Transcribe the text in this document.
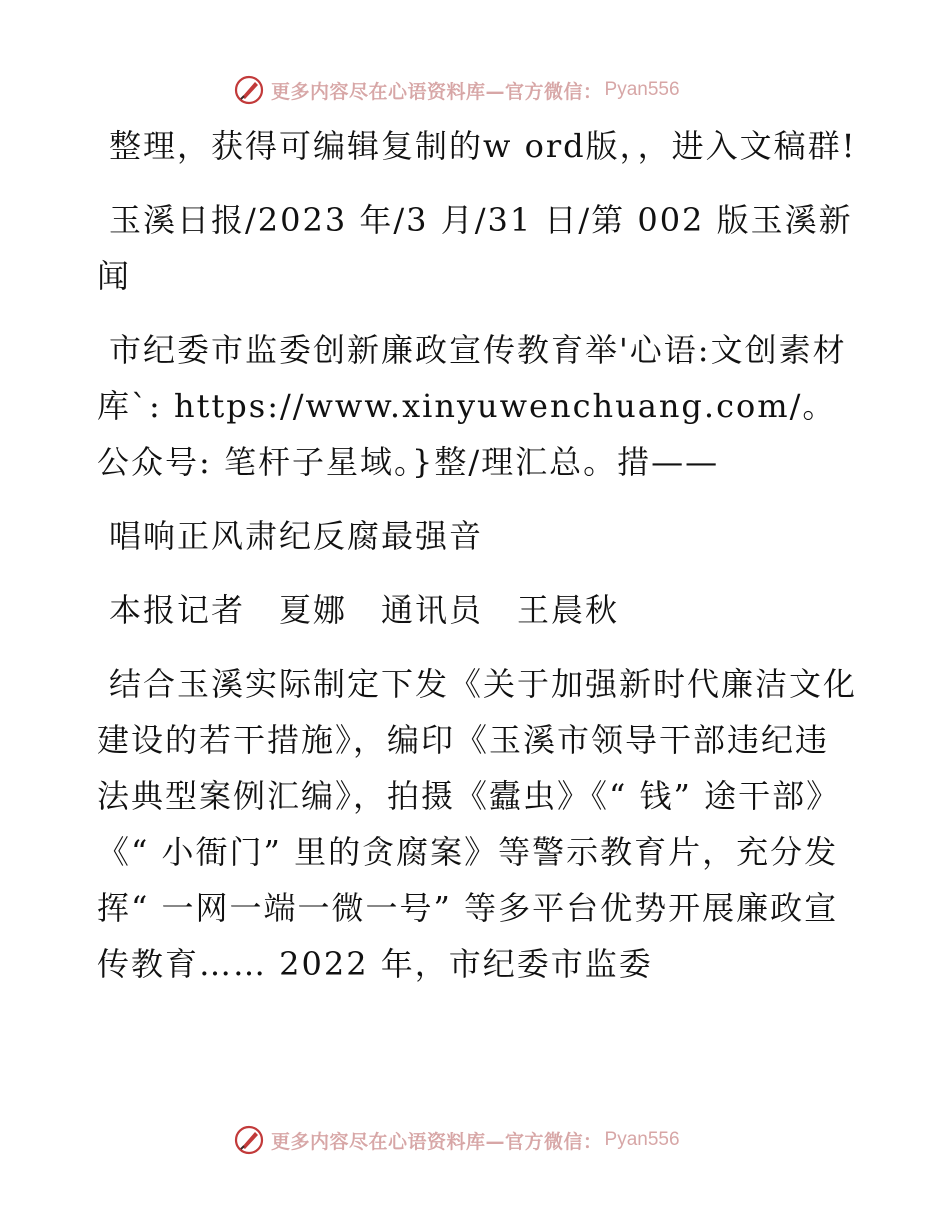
更多内容尽在心语资料库—官方微信： Pyan556

整理，获得可编辑复制的w ord版，，进入文稿群!

玉溪日报/2023 年/3 月/31 日/第 002 版玉溪新闻

市纪委市监委创新廉政宣传教育举'心语:文创素材库`: https://www.xinyuwenchuang.com/。公众号: 笔杆子星域。}整/理汇总。措——

唱响正风肃纪反腐最强音

本报记者 夏娜 通讯员 王晨秋

结合玉溪实际制定下发《关于加强新时代廉洁文化建设的若干措施》，编印《玉溪市领导干部违纪违法典型案例汇编》，拍摄《蠹虫》《“ 钱” 途干部》《“ 小衙门” 里的贪腐案》等警示教育片，充分发挥“ 一网一端一微一号” 等多平台优势开展廉政宣传教育…… 2022 年，市纪委市监委

更多内容尽在心语资料库—官方微信： Pyan556
